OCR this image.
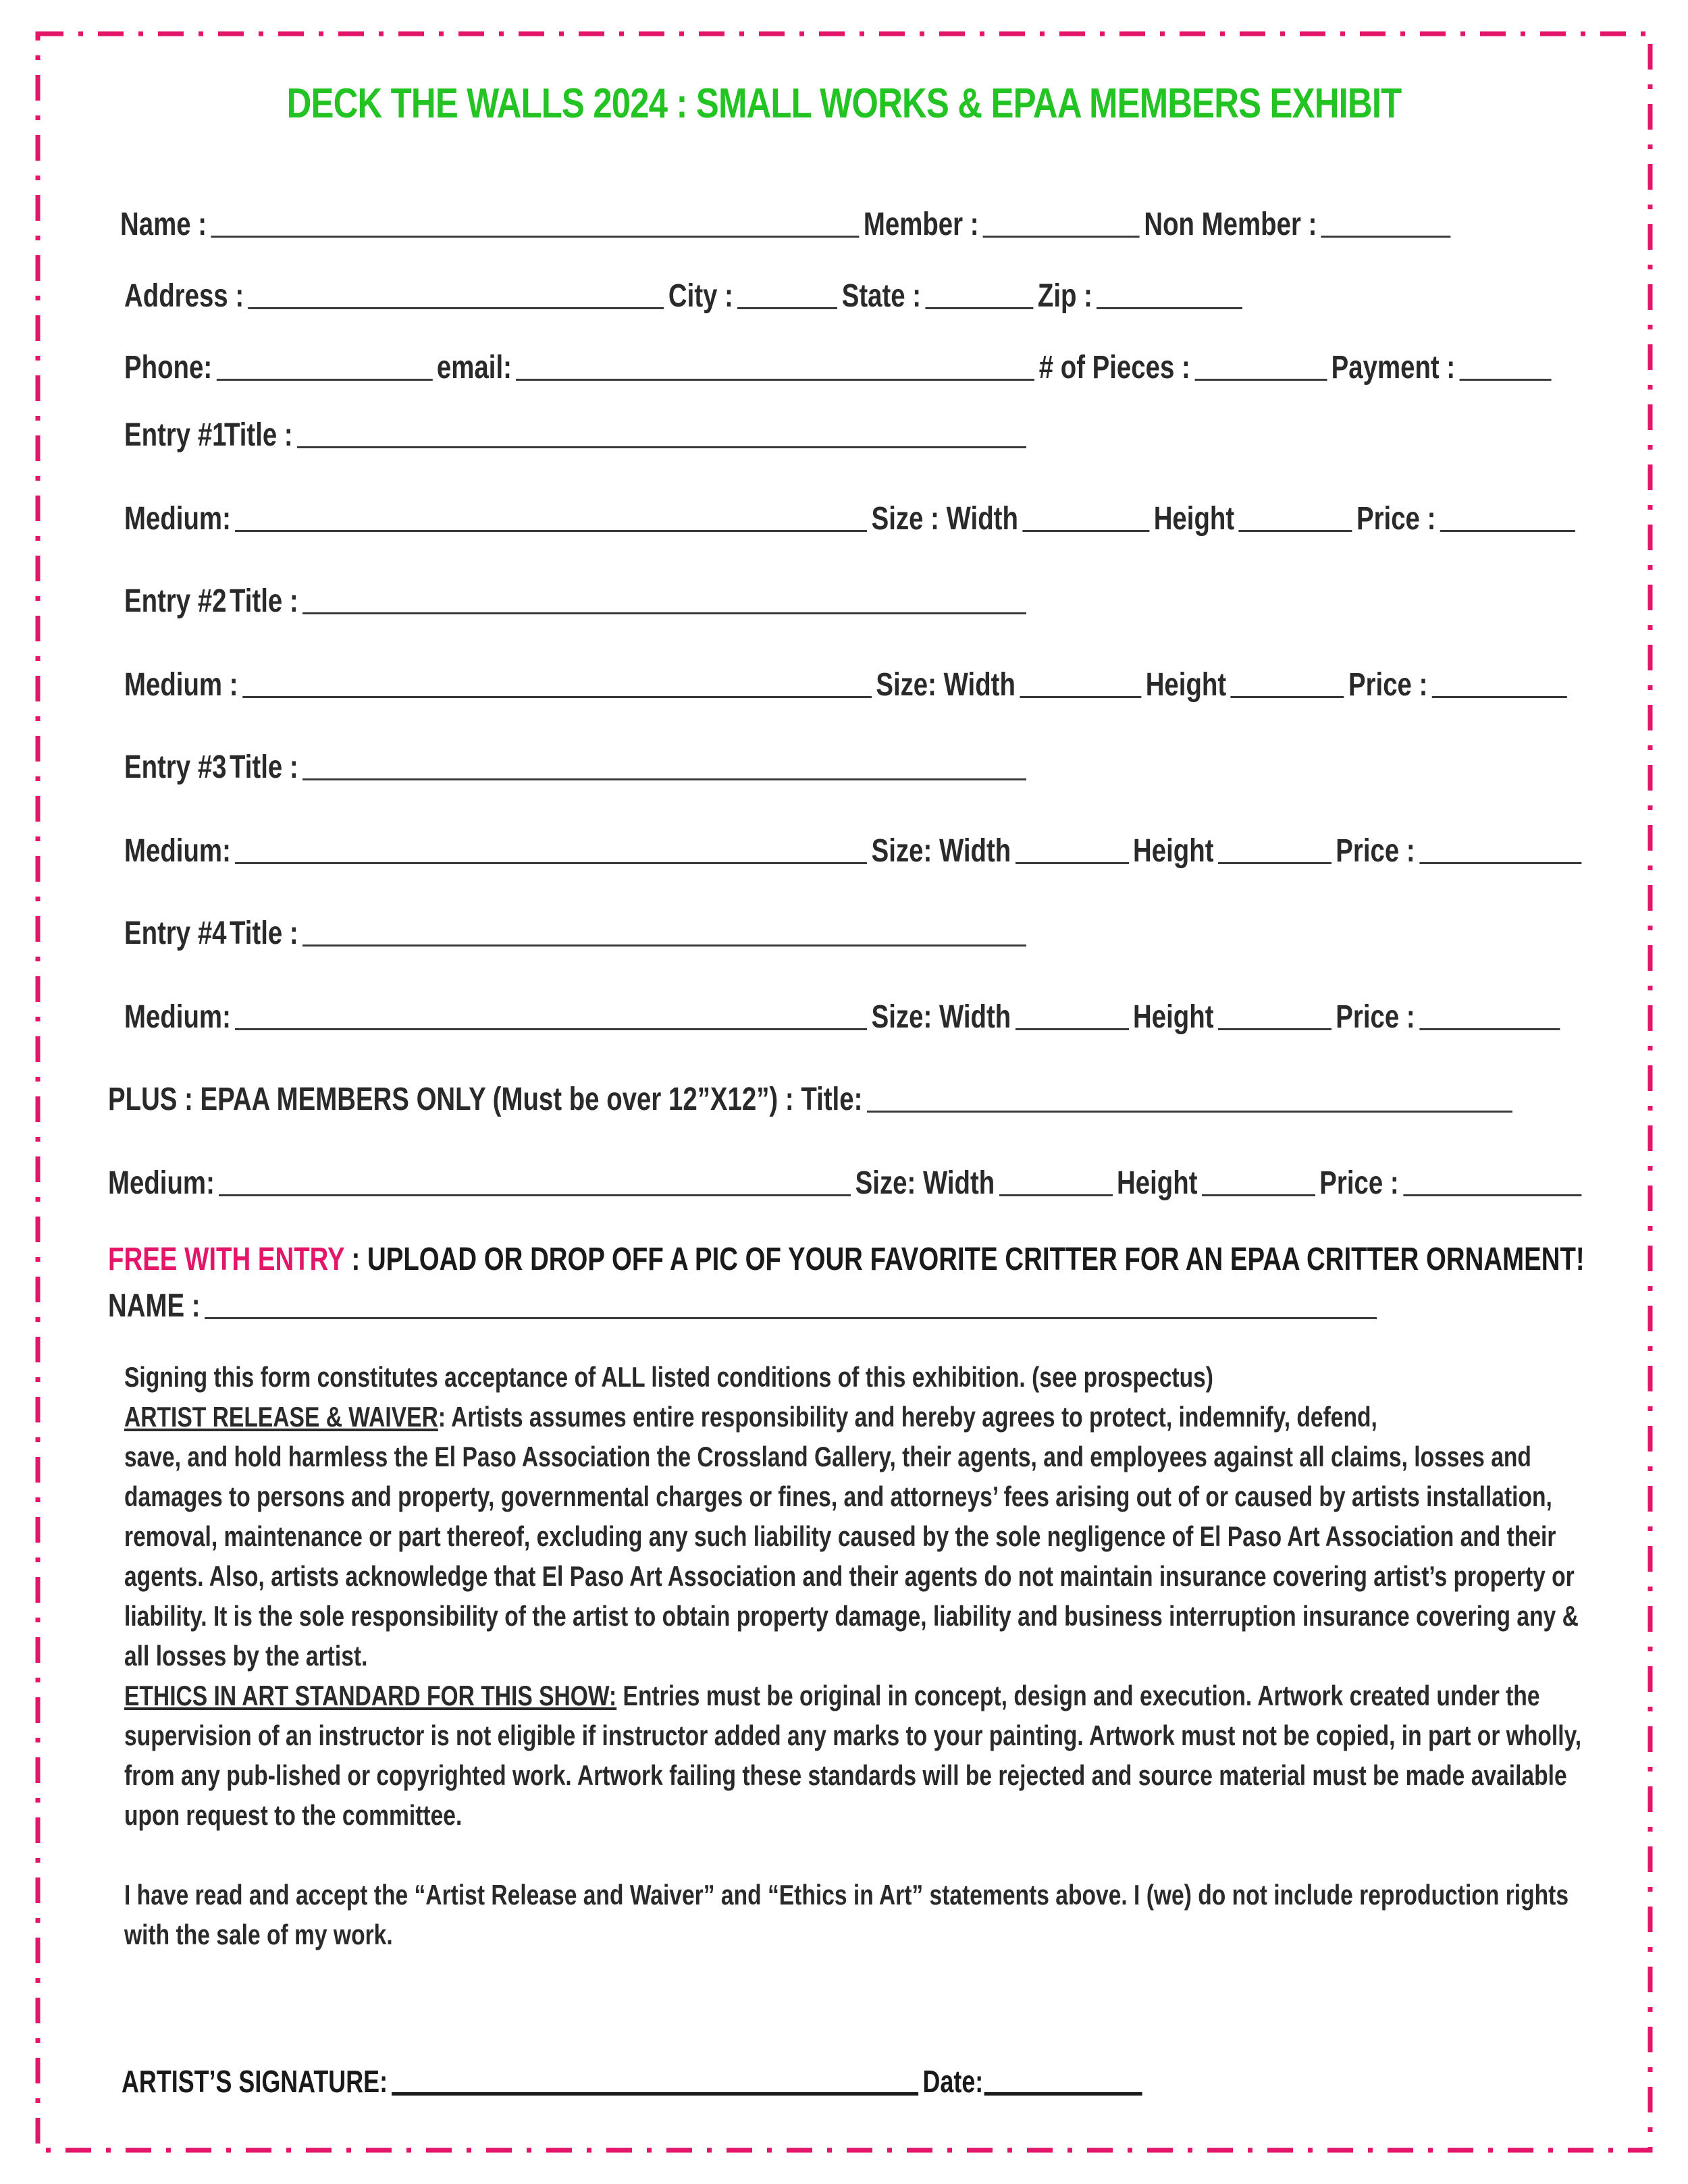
DECK THE WALLS 2024 : SMALL WORKS & EPAA MEMBERS EXHIBIT
Name :	Member :	Non Member :
Address :	City :	State :	Zip :
Phone:	email:	# of Pieces :	Payment :
Entry #1
Title :
Medium:	Size : Width	Height	Price :
Entry #2 Title :
Medium :	Size: Width	Height	Price :
Entry #3 Title :
Medium:	Size: Width	Height	Price :
Entry #4 Title :
Medium:	Size: Width	Height	Price :
PLUS : EPAA MEMBERS ONLY (Must be over 12”X12”) : Title:
Medium:	Size: Width	Height	Price :
FREE WITH ENTRY : UPLOAD OR DROP OFF A PIC OF YOUR FAVORITE CRITTER FOR AN EPAA CRITTER ORNAMENT!
NAME :

Signing this form constitutes acceptance of ALL listed conditions of this exhibition. (see prospectus)

ARTIST RELEASE & WAIVER: Artists assumes entire responsibility and hereby agrees to protect, indemnify, defend,

save, and hold harmless the El Paso Association the Crossland Gallery, their agents, and employees against all claims, losses and damages to persons and property, governmental charges or fines, and attorneys’ fees arising out of or caused by artists installation, removal, maintenance or part thereof, excluding any such liability caused by the sole negligence of El Paso Art Association and their agents. Also, artists acknowledge that El Paso Art Association and their agents do not maintain insurance covering artist’s property or liability. It is the sole responsibility of the artist to obtain property damage, liability and business interruption insurance covering any & all losses by the artist.

ETHICS IN ART STANDARD FOR THIS SHOW: Entries must be original in concept, design and execution. Artwork created under the supervision of an instructor is not eligible if instructor added any marks to your painting. Artwork must not be copied, in part or wholly, from any pub-lished or copyrighted work. Artwork failing these standards will be rejected and source material must be made available upon request to the committee.

I have read and accept the “Artist Release and Waiver” and “Ethics in Art” statements above. I (we) do not include reproduction rights with the sale of my work.

ARTIST’S SIGNATURE:	Date:
